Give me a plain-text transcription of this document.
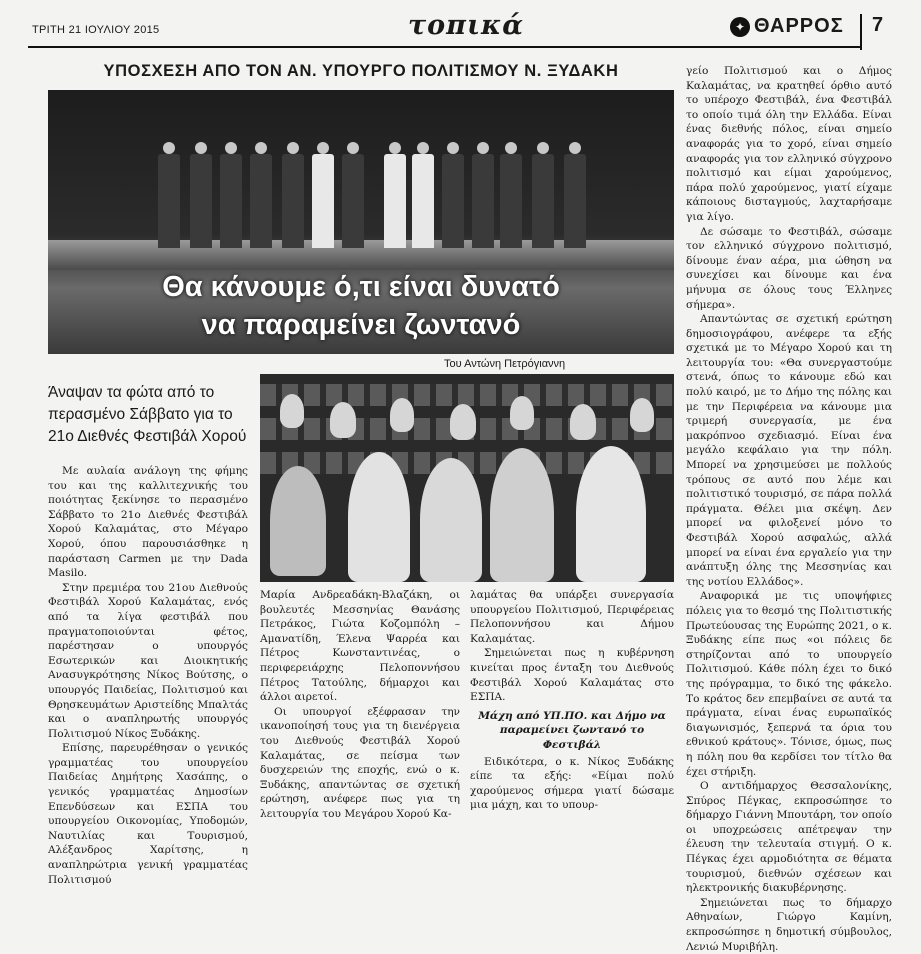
ΤΡΙΤΗ 21 ΙΟΥΛΙΟΥ 2015	τοπικά	✦ ΘΑΡΡΟΣ 7
ΥΠΟΣΧΕΣΗ ΑΠΟ ΤΟΝ ΑΝ. ΥΠΟΥΡΓΟ ΠΟΛΙΤΙΣΜΟΥ Ν. ΞΥΔΑΚΗ
Θα κάνουμε ό,τι είναι δυνατό
να παραμείνει ζωντανό
Του Αντώνη Πετρόγιαννη
Άναψαν τα φώτα από το περασμένο Σάββατο για το 21ο Διεθνές Φεστιβάλ Χορού

Με αυλαία ανάλογη της φήμης του και της καλλιτεχνικής του ποιότητας ξεκίνησε το περασμένο Σάββατο το 21ο Διεθνές Φεστιβάλ Χορού Καλαμάτας, στο Μέγαρο Χορού, όπου παρουσιάσθηκε η παράσταση Carmen με την Dada Masilo.

Στην πρεμιέρα του 21ου Διεθνούς Φεστιβάλ Χορού Καλαμάτας, ενός από τα λίγα φεστιβάλ που πραγματοποιούνται φέτος, παρέστησαν ο υπουργός Εσωτερικών και Διοικητικής Ανασυγκρότησης Νίκος Βούτσης, ο υπουργός Παιδείας, Πολιτισμού και Θρησκευμάτων Αριστείδης Μπαλτάς και ο αναπληρωτής υπουργός Πολιτισμού Νίκος Ξυδάκης.

Επίσης, παρευρέθησαν ο γενικός γραμματέας του υπουργείου Παιδείας Δημήτρης Χασάπης, ο γενικός γραμματέας Δημοσίων Επενδύσεων και ΕΣΠΑ του υπουργείου Οικονομίας, Υποδομών, Ναυτιλίας και Τουρισμού, Αλέξανδρος Χαρίτσης, η αναπληρώτρια γενική γραμματέας Πολιτισμού

Μαρία Ανδρεαδάκη-Βλαζάκη, οι βουλευτές Μεσσηνίας Θανάσης Πετράκος, Γιώτα Κοζομπόλη – Αμανατίδη, Έλενα Ψαρρέα και Πέτρος Κωνσταντινέας, ο περιφερειάρχης Πελοποννήσου Πέτρος Τατούλης, δήμαρχοι και άλλοι αιρετοί.

Οι υπουργοί εξέφρασαν την ικανοποίησή τους για τη διενέργεια του Διεθνούς Φεστιβάλ Χορού Καλαμάτας, σε πείσμα των δυσχερειών της εποχής, ενώ ο κ. Ξυδάκης, απαντώντας σε σχετική ερώτηση, ανέφερε πως για τη λειτουργία του Μεγάρου Χορού Κα-

λαμάτας θα υπάρξει συνεργασία υπουργείου Πολιτισμού, Περιφέρειας Πελοποννήσου και Δήμου Καλαμάτας.

Σημειώνεται πως η κυβέρνηση κινείται προς ένταξη του Διεθνούς Φεστιβάλ Χορού Καλαμάτας στο ΕΣΠΑ.

Μάχη από ΥΠ.ΠΟ. και Δήμο να παραμείνει ζωντανό το Φεστιβάλ

Ειδικότερα, ο κ. Νίκος Ξυδάκης είπε τα εξής: «Είμαι πολύ χαρούμενος σήμερα γιατί δώσαμε μια μάχη, και το υπουρ-

γείο Πολιτισμού και ο Δήμος Καλαμάτας, να κρατηθεί όρθιο αυτό το υπέροχο Φεστιβάλ, ένα Φεστιβάλ το οποίο τιμά όλη την Ελλάδα. Είναι ένας διεθνής πόλος, είναι σημείο αναφοράς για το χορό, είναι σημείο αναφοράς για τον ελληνικό σύγχρονο πολιτισμό και είμαι χαρούμενος, πάρα πολύ χαρούμενος, γιατί είχαμε κάποιους δισταγμούς, λαχταρήσαμε για λίγο.

Δε σώσαμε το Φεστιβάλ, σώσαμε τον ελληνικό σύγχρονο πολιτισμό, δίνουμε έναν αέρα, μια ώθηση να συνεχίσει και δίνουμε και ένα μήνυμα σε όλους τους Έλληνες σήμερα».

Απαντώντας σε σχετική ερώτηση δημοσιογράφου, ανέφερε τα εξής σχετικά με το Μέγαρο Χορού και τη λειτουργία του: «Θα συνεργαστούμε στενά, όπως το κάνουμε εδώ και πολύ καιρό, με το Δήμο της πόλης και με την Περιφέρεια να κάνουμε μια τριμερή συνεργασία, με ένα μακρόπνοο σχεδιασμό. Είναι ένα μεγάλο κεφάλαιο για την πόλη. Μπορεί να χρησιμεύσει με πολλούς τρόπους σε αυτό που λέμε και πολιτιστικό τουρισμό, σε πάρα πολλά πράγματα. Θέλει μια σκέψη. Δεν μπορεί να φιλοξενεί μόνο το Φεστιβάλ Χορού ασφαλώς, αλλά μπορεί να είναι ένα εργαλείο για την ανάπτυξη όλης της Μεσσηνίας και της νοτίου Ελλάδος».

Αναφορικά με τις υποψήφιες πόλεις για το θεσμό της Πολιτιστικής Πρωτεύουσας της Ευρώπης 2021, ο κ. Ξυδάκης είπε πως «οι πόλεις δε στηρίζονται από το υπουργείο Πολιτισμού. Κάθε πόλη έχει το δικό της πρόγραμμα, το δικό της φάκελο. Το κράτος δεν επεμβαίνει σε αυτά τα πράγματα, είναι ένας ευρωπαϊκός διαγωνισμός, ξεπερνά τα όρια του εθνικού κράτους». Τόνισε, όμως, πως η πόλη που θα κερδίσει τον τίτλο θα έχει στήριξη.

Ο αντιδήμαρχος Θεσσαλονίκης, Σπύρος Πέγκας, εκπροσώπησε το δήμαρχο Γιάννη Μπουτάρη, τον οποίο οι υποχρεώσεις απέτρεψαν την έλευση την τελευταία στιγμή. Ο κ. Πέγκας έχει αρμοδιότητα σε θέματα τουρισμού, διεθνών σχέσεων και ηλεκτρονικής διακυβέρνησης.

Σημειώνεται πως το δήμαρχο Αθηναίων, Γιώργο Καμίνη, εκπροσώπησε η δημοτική σύμβουλος, Λενιώ Μυριβήλη.
